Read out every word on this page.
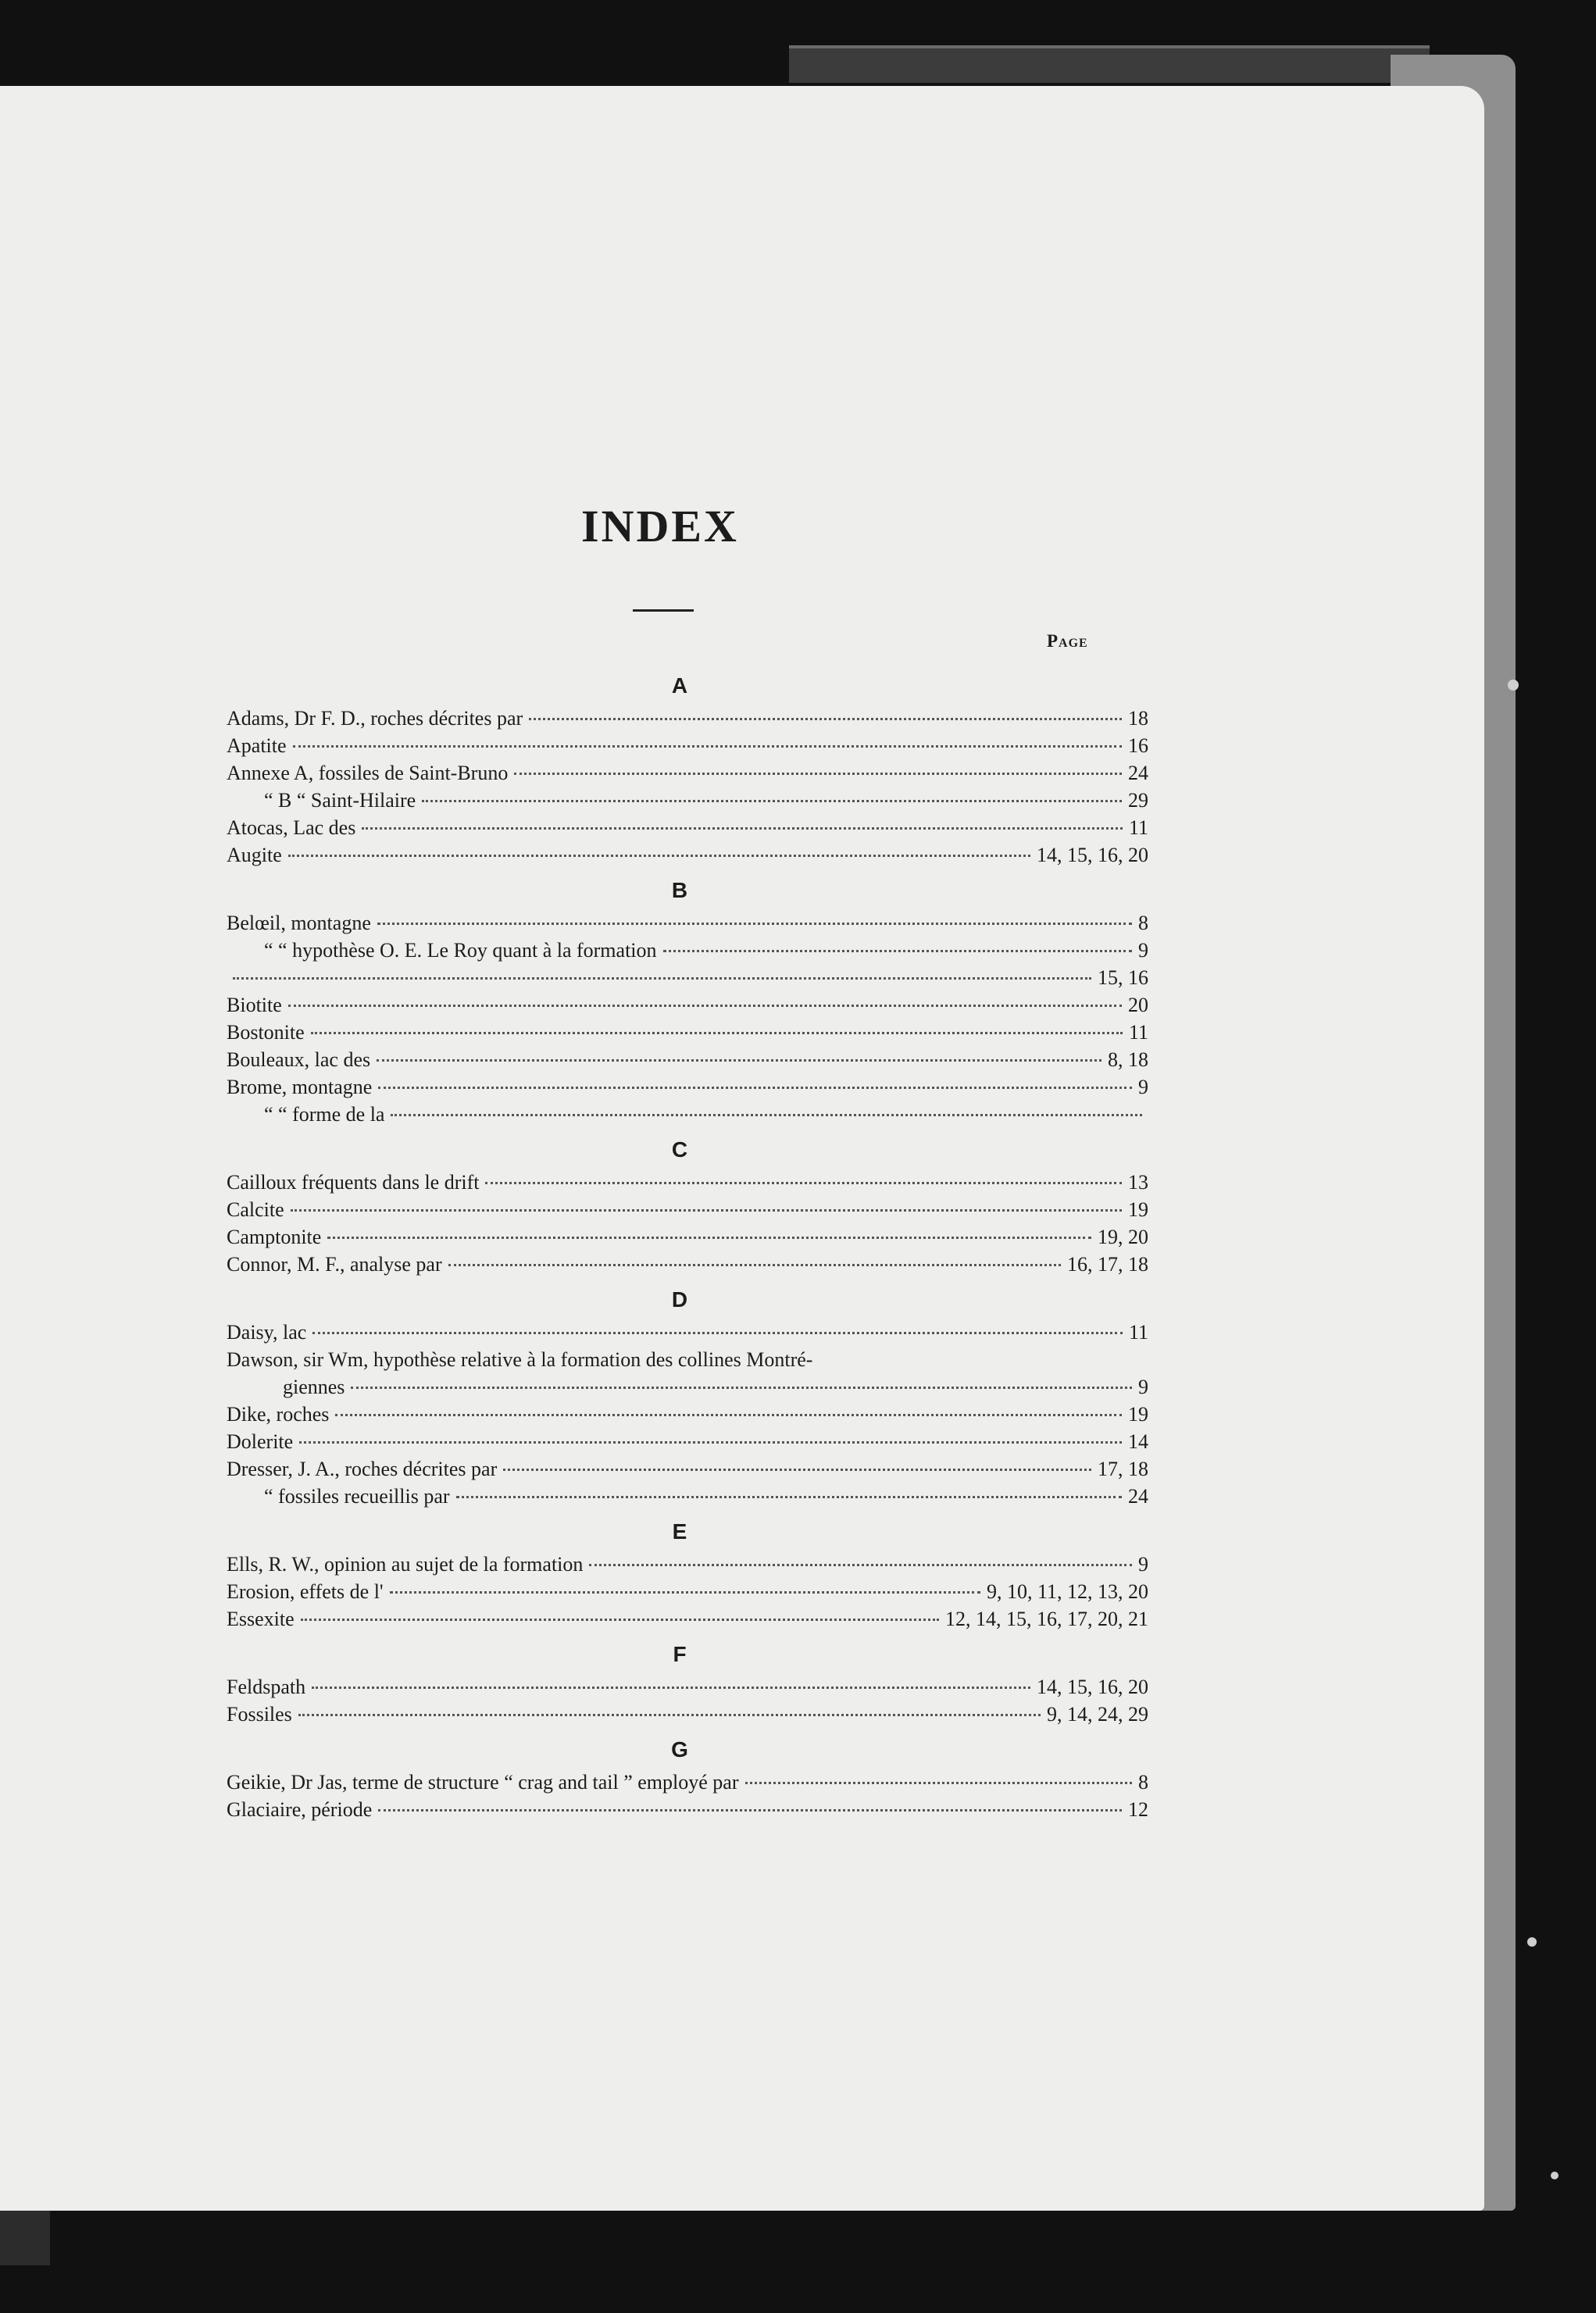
INDEX
Page
A
Adams, Dr F. D., roches décrites par	18
Apatite	16
Annexe A, fossiles de Saint-Bruno	24
“ B “ Saint-Hilaire	29
Atocas, Lac des	11
Augite	14, 15, 16, 20
B
Belœil, montagne	8
“ “ hypothèse O. E. Le Roy quant à la formation	9
15, 16
Biotite	20
Bostonite	11
Bouleaux, lac des	8, 18
Brome, montagne	9
“ “ forme de la
C
Cailloux fréquents dans le drift	13
Calcite	19
Camptonite	19, 20
Connor, M. F., analyse par	16, 17, 18
D
Daisy, lac	11
Dawson, sir Wm, hypothèse relative à la formation des collines Montré-
giennes	9
Dike, roches	19
Dolerite	14
Dresser, J. A., roches décrites par	17, 18
“ fossiles recueillis par	24
E
Ells, R. W., opinion au sujet de la formation	9
Erosion, effets de l'	9, 10, 11, 12, 13, 20
Essexite	12, 14, 15, 16, 17, 20, 21
F
Feldspath	14, 15, 16, 20
Fossiles	9, 14, 24, 29
G
Geikie, Dr Jas, terme de structure “ crag and tail ” employé par	8
Glaciaire, période	12
